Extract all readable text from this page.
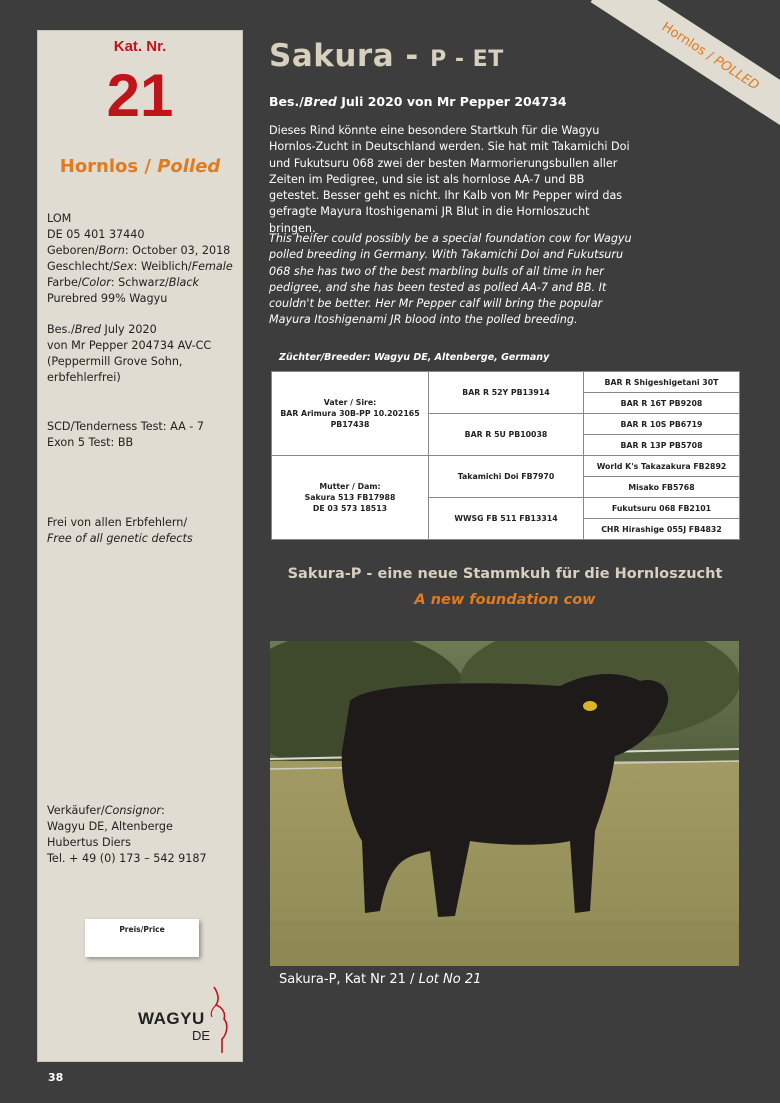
Hornlos / POLLED
Kat. Nr.
21
Hornlos / Polled
LOM
DE 05 401 37440
Geboren/Born: October 03, 2018
Geschlecht/Sex: Weiblich/Female
Farbe/Color: Schwarz/Black
Purebred 99% Wagyu
Bes./Bred July 2020
von Mr Pepper 204734 AV-CC
(Peppermill Grove Sohn, erbfehlerfrei)
SCD/Tenderness Test: AA - 7
Exon 5 Test: BB
Frei von allen Erbfehlern/
Free of all genetic defects
Verkäufer/Consignor:
Wagyu DE, Altenberge
Hubertus Diers
Tel. + 49 (0) 173 – 542 9187
Preis/Price
WAGYU
DE
Sakura - P - ET
Bes./Bred Juli 2020 von Mr Pepper 204734

Dieses Rind könnte eine besondere Startkuh für die Wagyu Hornlos-Zucht in Deutschland werden. Sie hat mit Takamichi Doi und Fukutsuru 068 zwei der besten Marmorierungsbullen aller Zeiten im Pedigree, und sie ist als hornlose AA-7 und BB getestet. Besser geht es nicht. Ihr Kalb von Mr Pepper wird das gefragte Mayura Itoshigenami JR Blut in die Hornloszucht bringen.

This heifer could possibly be a special foundation cow for Wagyu polled breeding in Germany. With Takamichi Doi and Fukutsuru 068 she has two of the best marbling bulls of all time in her pedigree, and she has been tested as polled AA-7 and BB. It couldn't be better. Her Mr Pepper calf will bring the popular Mayura Itoshigenami JR blood into the polled breeding.

Züchter/Breeder: Wagyu DE, Altenberge, Germany
Vater / Sire:
BAR Arimura 30B-PP 10.202165
PB17438	BAR R 52Y PB13914	BAR R Shigeshigetani 30T
		BAR R 16T PB9208
	BAR R 5U PB10038	BAR R 10S PB6719
		BAR R 13P PB5708

Mutter / Dam:
Sakura 513 FB17988
DE 03 573 18513	Takamichi Doi FB7970	World K's Takazakura FB2892
		Misako FB5768
	WWSG FB 511 FB13314	Fukutsuru 068 FB2101
		CHR Hirashige 055J FB4832
Sakura-P - eine neue Stammkuh für die Hornloszucht
A new foundation cow
Sakura-P, Kat Nr 21 / Lot No 21
38
